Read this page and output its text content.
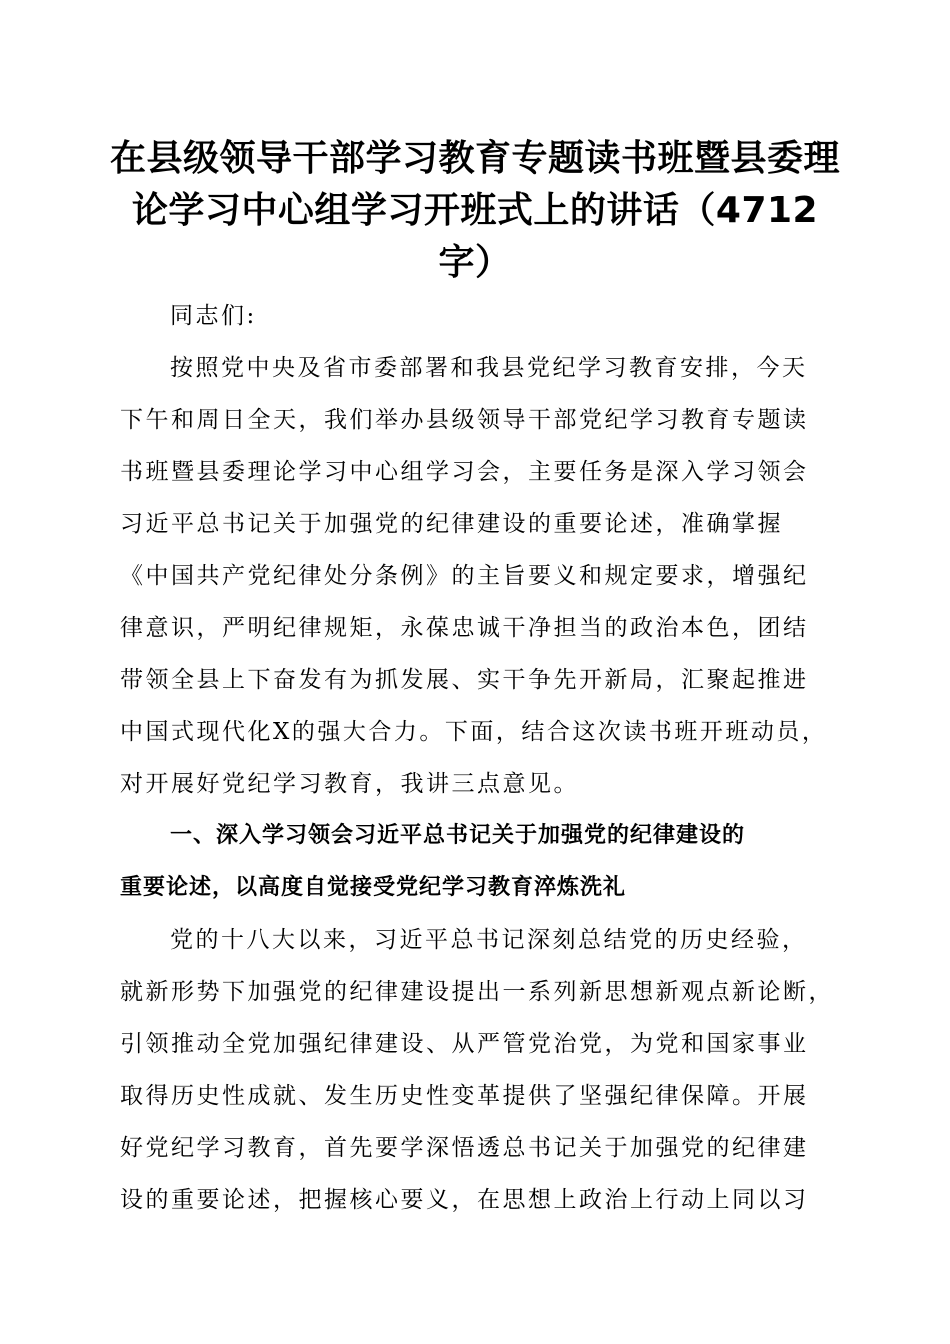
在县级领导干部学习教育专题读书班暨县委理
论学习中心组学习开班式上的讲话（4712
字）
同志们:
按照党中央及省市委部署和我县党纪学习教育安排，今天
下午和周日全天，我们举办县级领导干部党纪学习教育专题读
书班暨县委理论学习中心组学习会，主要任务是深入学习领会
习近平总书记关于加强党的纪律建设的重要论述，准确掌握
《中国共产党纪律处分条例》的主旨要义和规定要求，增强纪
律意识，严明纪律规矩，永葆忠诚干净担当的政治本色，团结
带领全县上下奋发有为抓发展、实干争先开新局，汇聚起推进
中国式现代化X的强大合力。下面，结合这次读书班开班动员，
对开展好党纪学习教育，我讲三点意见。
一、深入学习领会习近平总书记关于加强党的纪律建设的
重要论述，以高度自觉接受党纪学习教育淬炼洗礼
党的十八大以来，习近平总书记深刻总结党的历史经验，
就新形势下加强党的纪律建设提出一系列新思想新观点新论断，
引领推动全党加强纪律建设、从严管党治党，为党和国家事业
取得历史性成就、发生历史性变革提供了坚强纪律保障。开展
好党纪学习教育，首先要学深悟透总书记关于加强党的纪律建
设的重要论述，把握核心要义，在思想上政治上行动上同以习
